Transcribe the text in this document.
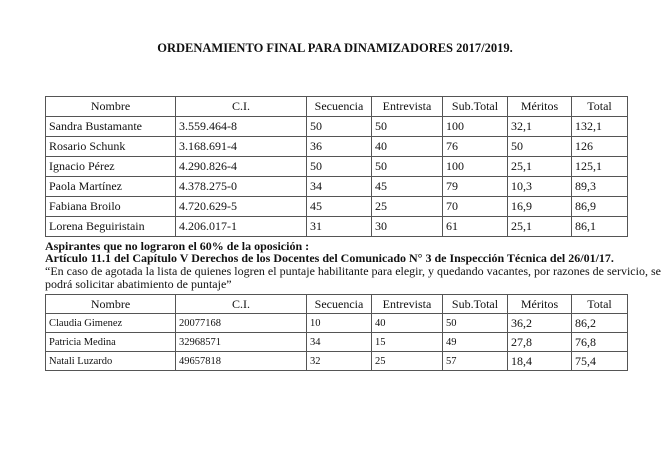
ORDENAMIENTO FINAL PARA DINAMIZADORES 2017/2019.
Nombre	C.I.	Secuencia	Entrevista	Sub.Total	Méritos	Total
Sandra Bustamante	3.559.464-8	50	50	100	32,1	132,1
Rosario Schunk	3.168.691-4	36	40	76	50	126
Ignacio Pérez	4.290.826-4	50	50	100	25,1	125,1
Paola Martínez	4.378.275-0	34	45	79	10,3	89,3
Fabiana Broilo	4.720.629-5	45	25	70	16,9	86,9
Lorena Beguiristain	4.206.017-1	31	30	61	25,1	86,1
Aspirantes que no lograron el 60% de la oposición :
Artículo 11.1 del Capítulo V Derechos de los Docentes del Comunicado N° 3 de Inspección Técnica del 26/01/17.
“En caso de agotada la lista de quienes logren el puntaje habilitante para elegir, y quedando vacantes, por razones de servicio, se
podrá solicitar abatimiento de puntaje”
Nombre	C.I.	Secuencia	Entrevista	Sub.Total	Méritos	Total
Claudia Gimenez	20077168	10	40	50	36,2	86,2
Patricia Medina	32968571	34	15	49	27,8	76,8
Natali Luzardo	49657818	32	25	57	18,4	75,4
